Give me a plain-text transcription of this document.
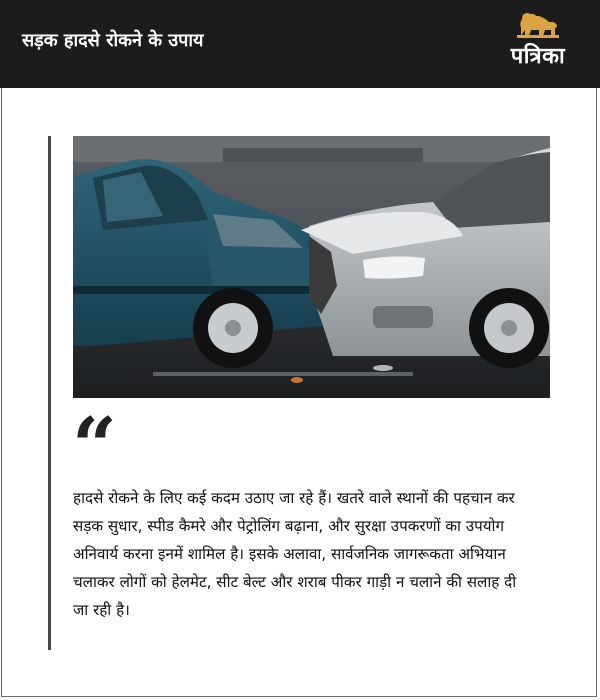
सड़क हादसे रोकने के उपाय
पत्रिका
“

हादसे रोकने के लिए कई कदम उठाए जा रहे हैं। खतरे वाले स्थानों की पहचान कर सड़क सुधार, स्पीड कैमरे और पेट्रोलिंग बढ़ाना, और सुरक्षा उपकरणों का उपयोग अनिवार्य करना इनमें शामिल है। इसके अलावा, सार्वजनिक जागरूकता अभियान चलाकर लोगों को हेलमेट, सीट बेल्ट और शराब पीकर गाड़ी न चलाने की सलाह दी जा रही है।
